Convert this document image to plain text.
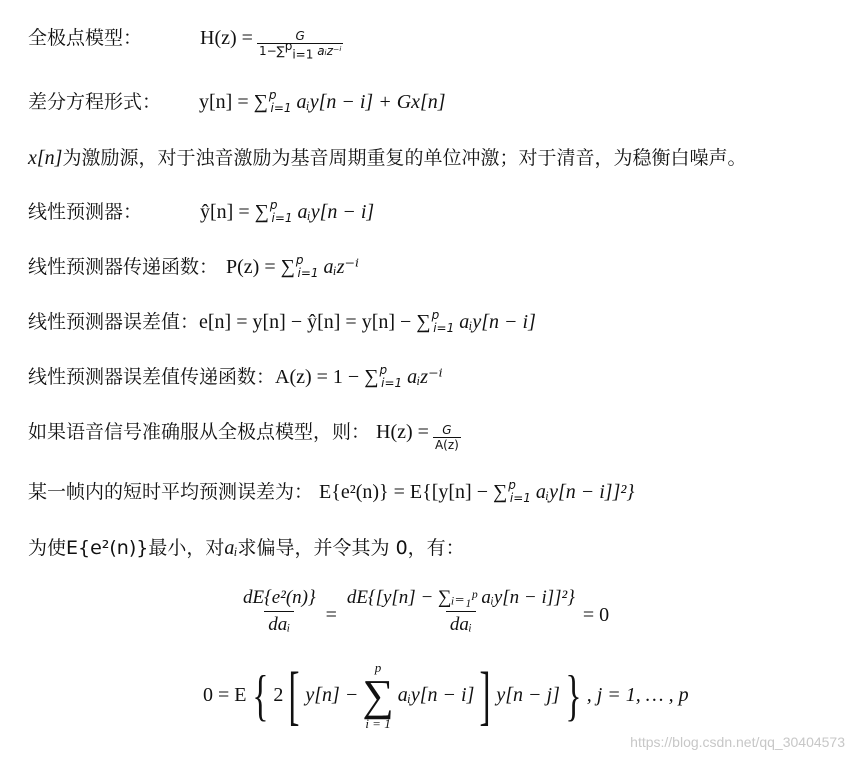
全极点模型：	$H(z) = \frac{G}{1-\sum^p_{i=1} aᵢz^{-i}}$
差分方程形式： y[n] = ∑ p
i=1 aᵢy[n − i] + Gx[n]
x[n] 为激励源，对于浊音激励为基音周期重复的单位冲激；对于清音，为稳衡白噪声。
线性预测器：	ŷ[n] = ∑ p
i=1 aᵢy[n − i]
线性预测器传递函数： P(z) = ∑ p
i=1 aᵢz⁻ⁱ
线性预测器误差值： e[n] = y[n] − ŷ[n] = y[n] − ∑ p
i=1 aᵢy[n − i]
线性预测器误差值传递函数： A(z) = 1 − ∑ p
i=1 aᵢz⁻ⁱ
如果语音信号准确服从全极点模型，则： $H(z) = \frac{G}{A(z)}$
某一帧内的短时平均预测误差为： E{e²(n)} = E{[y[n] − ∑ p
i=1 aᵢy[n − i]]²}
为使E{e²(n)}最小，对 aᵢ 求偏导，并令其为 0，有：
$\frac{\text{dE\{e²(n)\}}}{\text{daᵢ}} = \frac{\text{dE\{[y[n] − ∑ᵢ₌₁ᵖ aᵢy[n − i]]²\}}}{\text{daᵢ}} = 0$
0 = E { 2 [ y[n] −
p
∑
i = 1
aᵢy[n − i] ] y[n − j] } , j = 1, … , p
https://blog.csdn.net/qq_30404573
